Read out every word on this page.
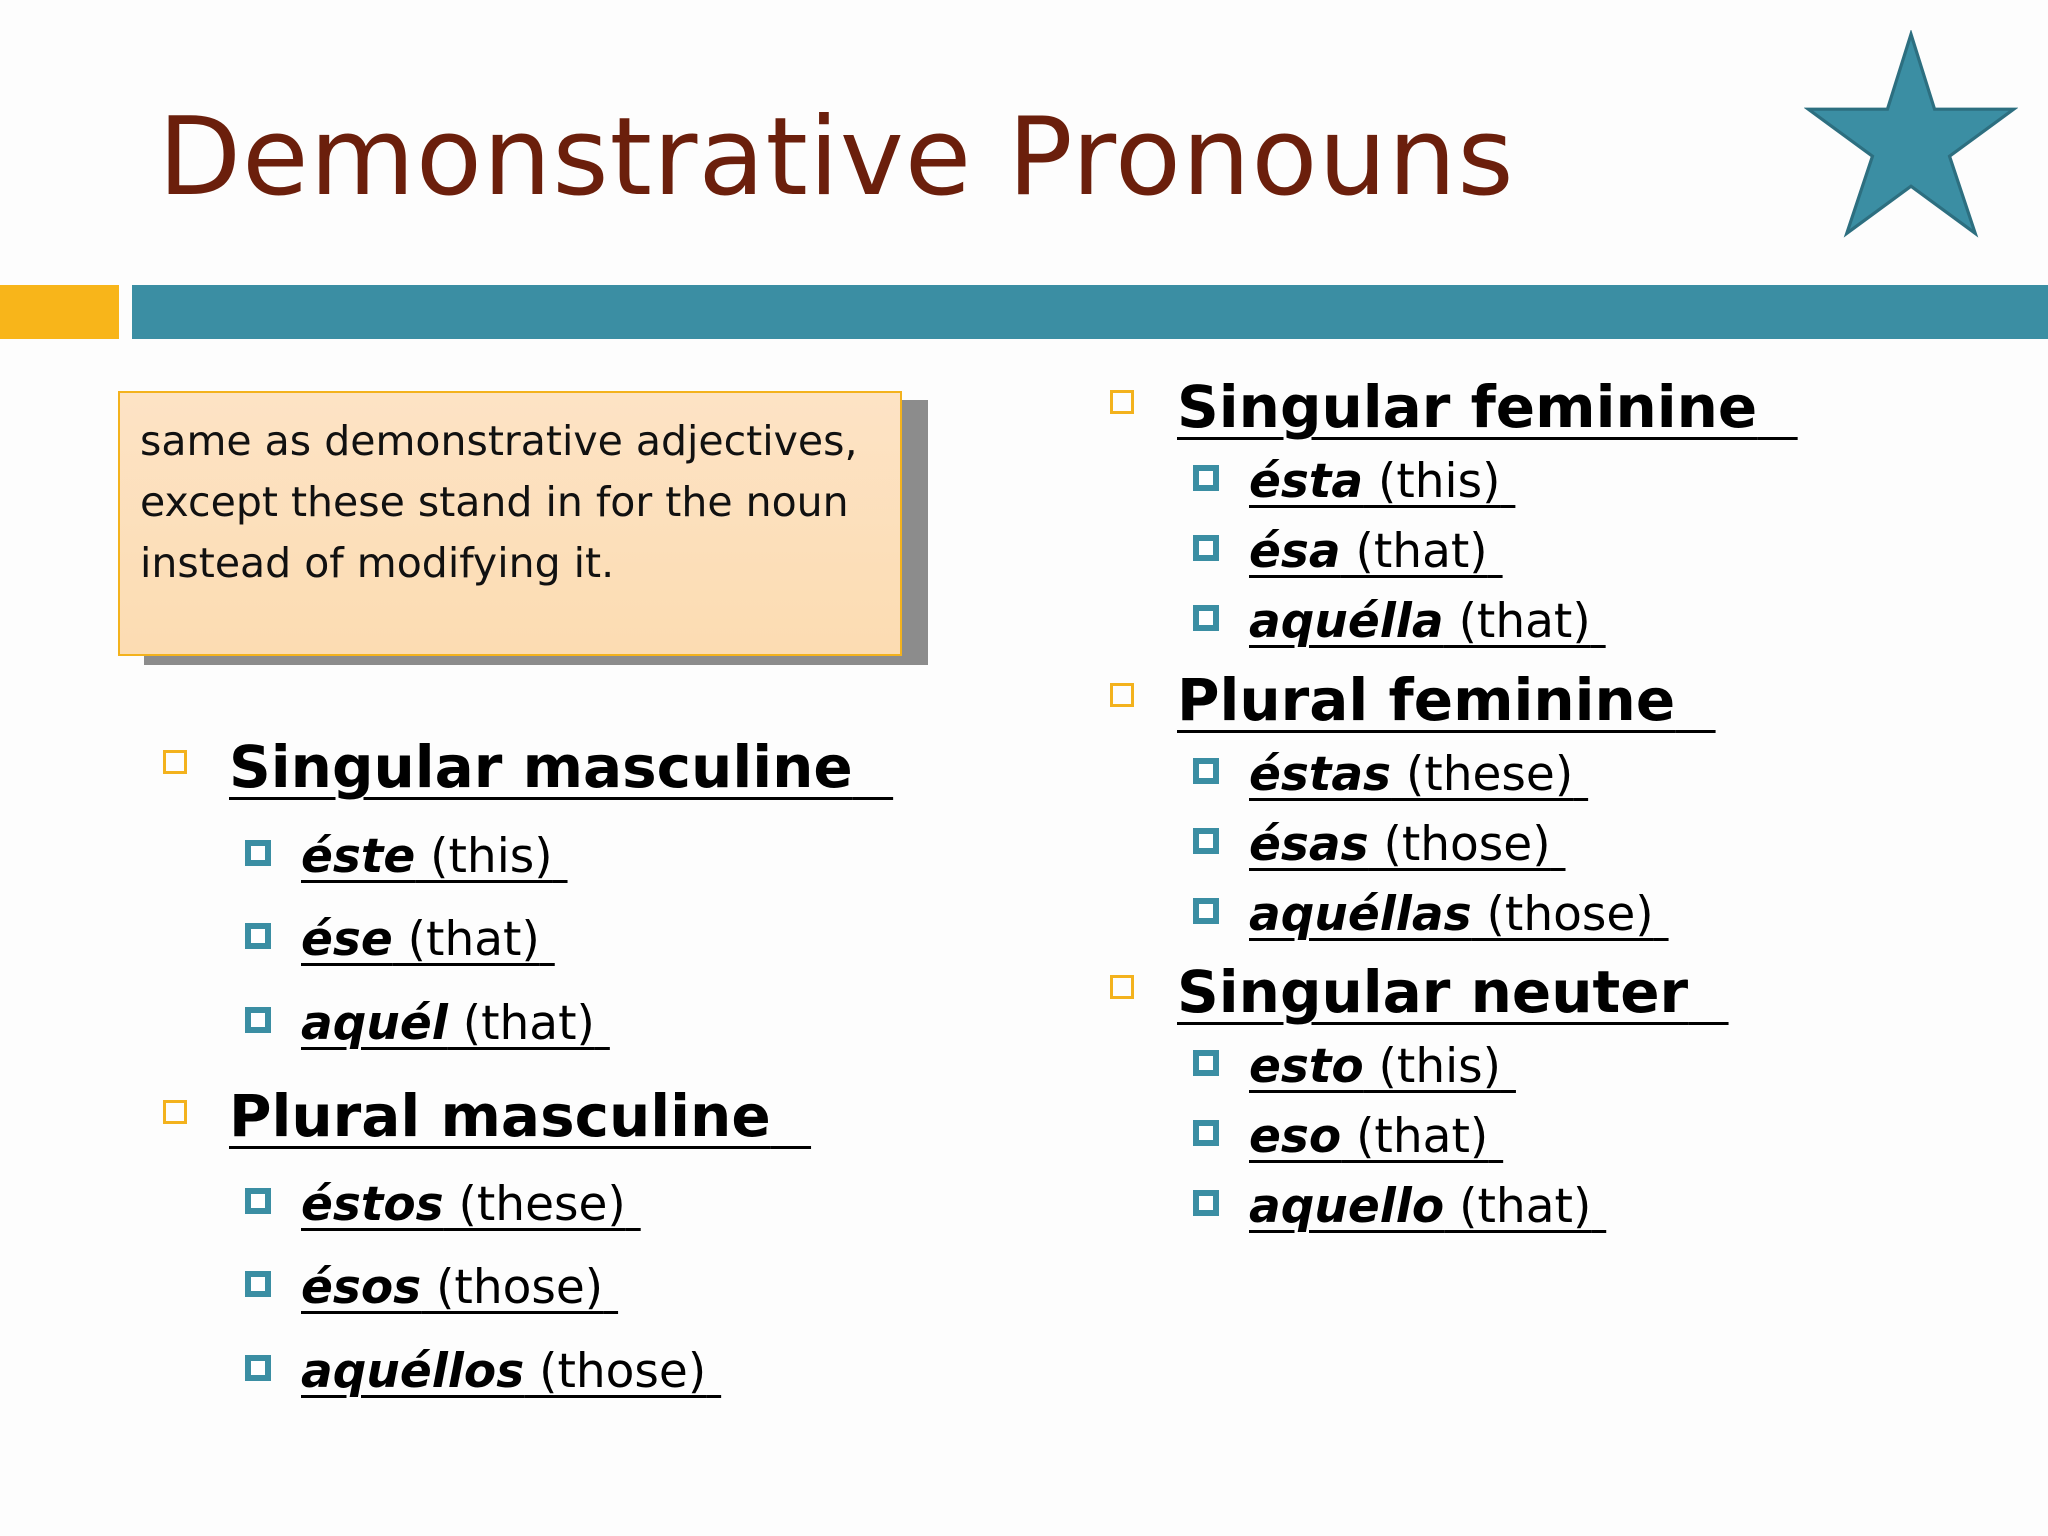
Demonstrative Pronouns

same as demonstrative adjectives, except these stand in for the noun instead of modifying it.

Singular masculine
éste (this)
ése (that)
aquél (that)
Plural masculine
éstos (these)
ésos (those)
aquéllos (those)
Singular feminine
ésta (this)
ésa (that)
aquélla (that)
Plural feminine
éstas (these)
ésas (those)
aquéllas (those)
Singular neuter
esto (this)
eso (that)
aquello (that)
